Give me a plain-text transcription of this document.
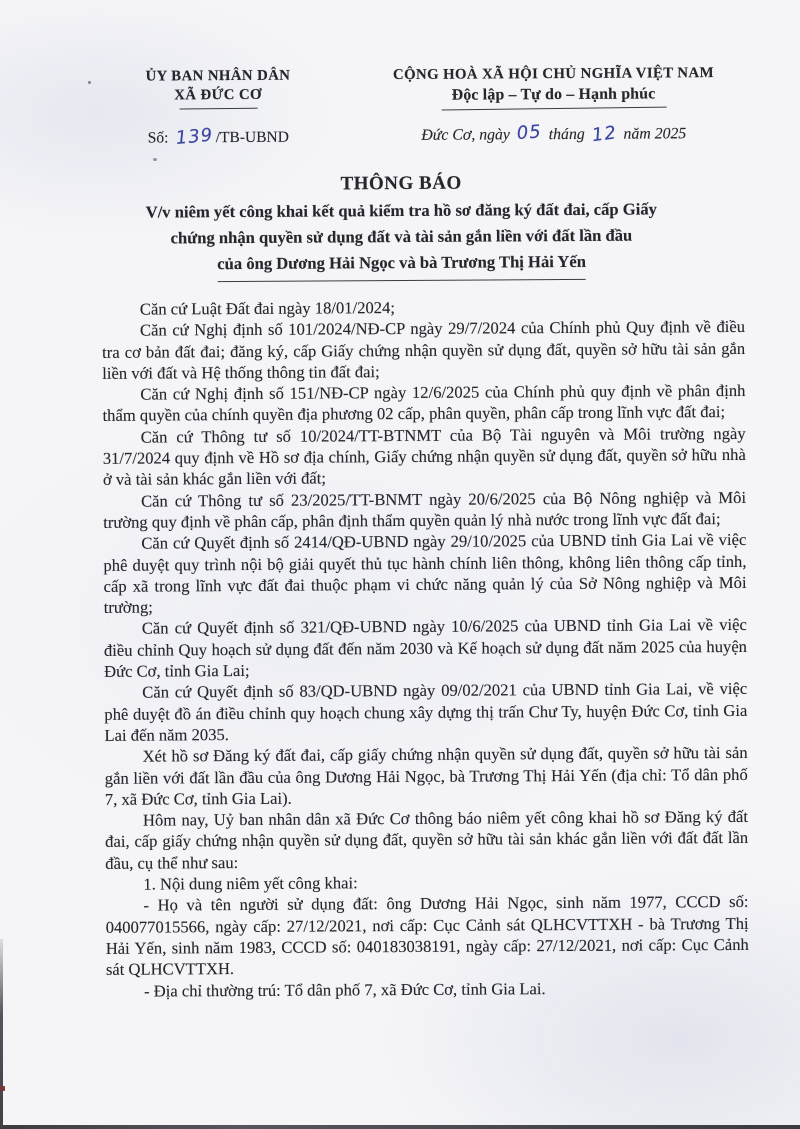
ỦY BAN NHÂN DÂN
XÃ ĐỨC CƠ
Số: 139 /TB-UBND
CỘNG HOÀ XÃ HỘI CHỦ NGHĨA VIỆT NAM
Độc lập – Tự do – Hạnh phúc
Đức Cơ, ngày 05 tháng 12 năm 2025
THÔNG BÁO
V/v niêm yết công khai kết quả kiểm tra hồ sơ đăng ký đất đai, cấp Giấy
chứng nhận quyền sử dụng đất và tài sản gắn liền với đất lần đầu
của ông Dương Hải Ngọc và bà Trương Thị Hải Yến

Căn cứ Luật Đất đai ngày 18/01/2024;

Căn cứ Nghị định số 101/2024/NĐ-CP ngày 29/7/2024 của Chính phủ Quy định về điều tra cơ bản đất đai; đăng ký, cấp Giấy chứng nhận quyền sử dụng đất, quyền sở hữu tài sản gắn liền với đất và Hệ thống thông tin đất đai;

Căn cứ Nghị định số 151/NĐ-CP ngày 12/6/2025 của Chính phủ quy định về phân định thẩm quyền của chính quyền địa phương 02 cấp, phân quyền, phân cấp trong lĩnh vực đất đai;

Căn cứ Thông tư số 10/2024/TT-BTNMT của Bộ Tài nguyên và Môi trường ngày 31/7/2024 quy định về Hồ sơ địa chính, Giấy chứng nhận quyền sử dụng đất, quyền sở hữu nhà ở và tài sản khác gắn liền với đất;

Căn cứ Thông tư số 23/2025/TT-BNMT ngày 20/6/2025 của Bộ Nông nghiệp và Môi trường quy định về phân cấp, phân định thẩm quyền quản lý nhà nước trong lĩnh vực đất đai;

Căn cứ Quyết định số 2414/QĐ-UBND ngày 29/10/2025 của UBND tỉnh Gia Lai về việc phê duyệt quy trình nội bộ giải quyết thủ tục hành chính liên thông, không liên thông cấp tỉnh, cấp xã trong lĩnh vực đất đai thuộc phạm vi chức năng quản lý của Sở Nông nghiệp và Môi trường;

Căn cứ Quyết định số 321/QĐ-UBND ngày 10/6/2025 của UBND tỉnh Gia Lai về việc điều chỉnh Quy hoạch sử dụng đất đến năm 2030 và Kế hoạch sử dụng đất năm 2025 của huyện Đức Cơ, tỉnh Gia Lai;

Căn cứ Quyết định số 83/QD-UBND ngày 09/02/2021 của UBND tỉnh Gia Lai, về việc phê duyệt đồ án điều chỉnh quy hoạch chung xây dựng thị trấn Chư Ty, huyện Đức Cơ, tỉnh Gia Lai đến năm 2035.

Xét hồ sơ Đăng ký đất đai, cấp giấy chứng nhận quyền sử dụng đất, quyền sở hữu tài sản gắn liền với đất lần đầu của ông Dương Hải Ngọc, bà Trương Thị Hải Yến (địa chỉ: Tổ dân phố 7, xã Đức Cơ, tỉnh Gia Lai).

Hôm nay, Uỷ ban nhân dân xã Đức Cơ thông báo niêm yết công khai hồ sơ Đăng ký đất đai, cấp giấy chứng nhận quyền sử dụng đất, quyền sở hữu tài sản khác gắn liền với đất đất lần đầu, cụ thể như sau:

1. Nội dung niêm yết công khai:

- Họ và tên người sử dụng đất: ông Dương Hải Ngọc, sinh năm 1977, CCCD số: 040077015566, ngày cấp: 27/12/2021, nơi cấp: Cục Cảnh sát QLHCVTTXH - bà Trương Thị Hải Yến, sinh năm 1983, CCCD số: 040183038191, ngày cấp: 27/12/2021, nơi cấp: Cục Cảnh sát QLHCVTTXH.

- Địa chỉ thường trú: Tổ dân phố 7, xã Đức Cơ, tỉnh Gia Lai.
